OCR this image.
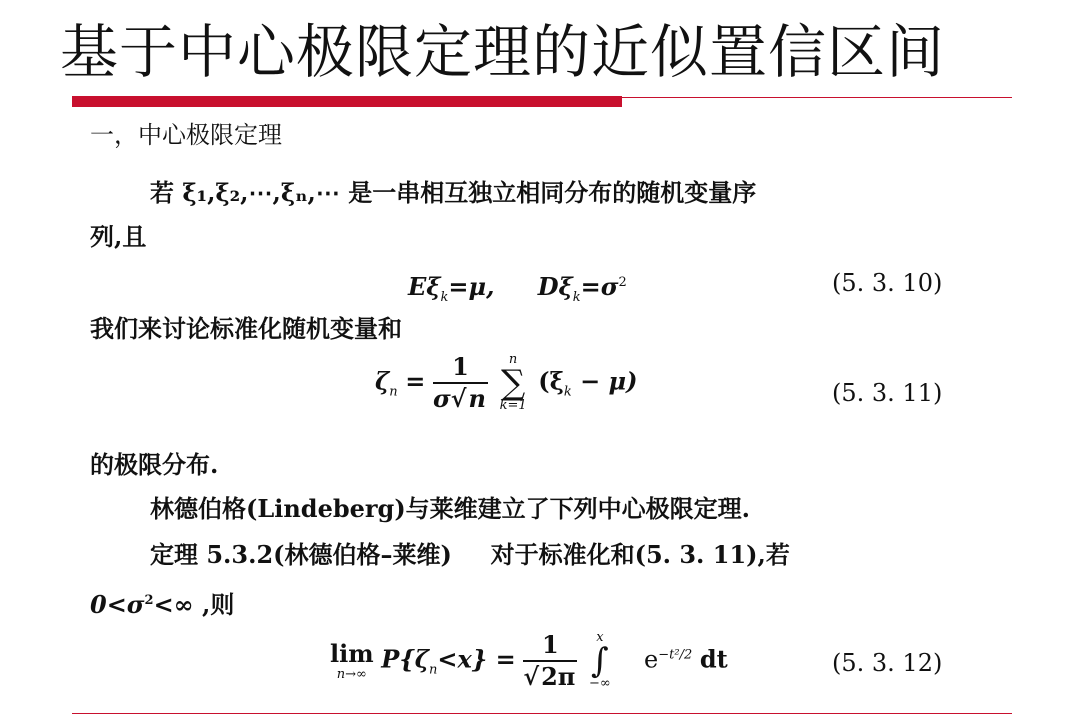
基于中心极限定理的近似置信区间
一，中心极限定理
若 ξ₁,ξ₂,⋯,ξₙ,⋯ 是一串相互独立相同分布的随机变量序
列,且
$E\xi_k=\mu$, $D\xi_k=\sigma^2$	(5. 3. 10)
我们来讨论标准化随机变量和
$\zeta_n = \frac{1}{\sigma√n}$
	n
∑
k=1
$(\xi_k - \mu)$	(5. 3. 11)
的极限分布.
林德伯格(Lindeberg)与莱维建立了下列中心极限定理.
定理 5.3.2(林德伯格–莱维) 对于标准化和(5. 3. 11),若
$0<\sigma^2<\infty$ ,则
lim
n→∞
$P\{\zeta_n<x\} = \frac{1}{√2\pi}$
	x
∫
−∞
$e^{-t^2/2}$ dt	(5. 3. 12)
